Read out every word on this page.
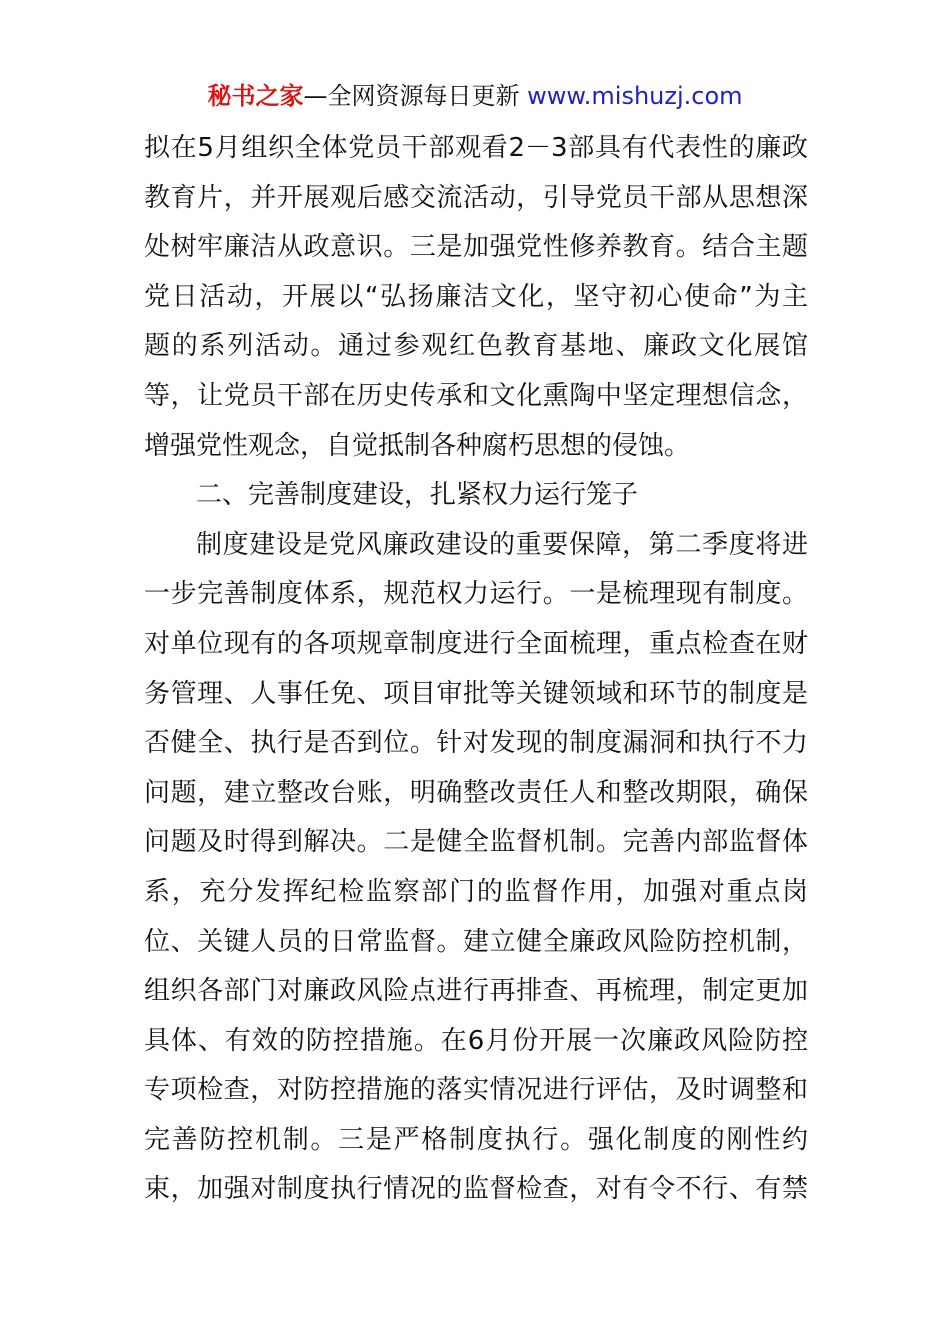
秘书之家—全网资源每日更新 www.mishuzj.com
拟在5月组织全体党员干部观看2－3部具有代表性的廉政
教育片，并开展观后感交流活动，引导党员干部从思想深
处树牢廉洁从政意识。三是加强党性修养教育。结合主题
党日活动，开展以“弘扬廉洁文化，坚守初心使命”为主
题的系列活动。通过参观红色教育基地、廉政文化展馆
等，让党员干部在历史传承和文化熏陶中坚定理想信念，
增强党性观念，自觉抵制各种腐朽思想的侵蚀。
二、完善制度建设，扎紧权力运行笼子
制度建设是党风廉政建设的重要保障，第二季度将进
一步完善制度体系，规范权力运行。一是梳理现有制度。
对单位现有的各项规章制度进行全面梳理，重点检查在财
务管理、人事任免、项目审批等关键领域和环节的制度是
否健全、执行是否到位。针对发现的制度漏洞和执行不力
问题，建立整改台账，明确整改责任人和整改期限，确保
问题及时得到解决。二是健全监督机制。完善内部监督体
系，充分发挥纪检监察部门的监督作用，加强对重点岗
位、关键人员的日常监督。建立健全廉政风险防控机制，
组织各部门对廉政风险点进行再排查、再梳理，制定更加
具体、有效的防控措施。在6月份开展一次廉政风险防控
专项检查，对防控措施的落实情况进行评估，及时调整和
完善防控机制。三是严格制度执行。强化制度的刚性约
束，加强对制度执行情况的监督检查，对有令不行、有禁
